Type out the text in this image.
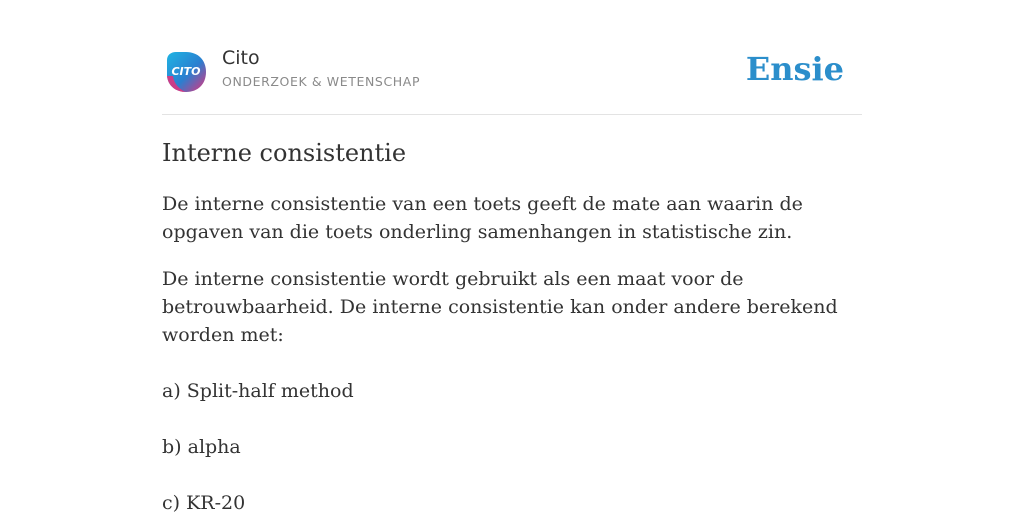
CITO
Cito
ONDERZOEK & WETENSCHAP	Ensie
Interne consistentie

De interne consistentie van een toets geeft de mate aan waarin de opgaven van die toets onderling samenhangen in statistische zin.

De interne consistentie wordt gebruikt als een maat voor de betrouwbaarheid. De interne consistentie kan onder andere berekend worden met:

a) Split-half method

b) alpha

c) KR-20
